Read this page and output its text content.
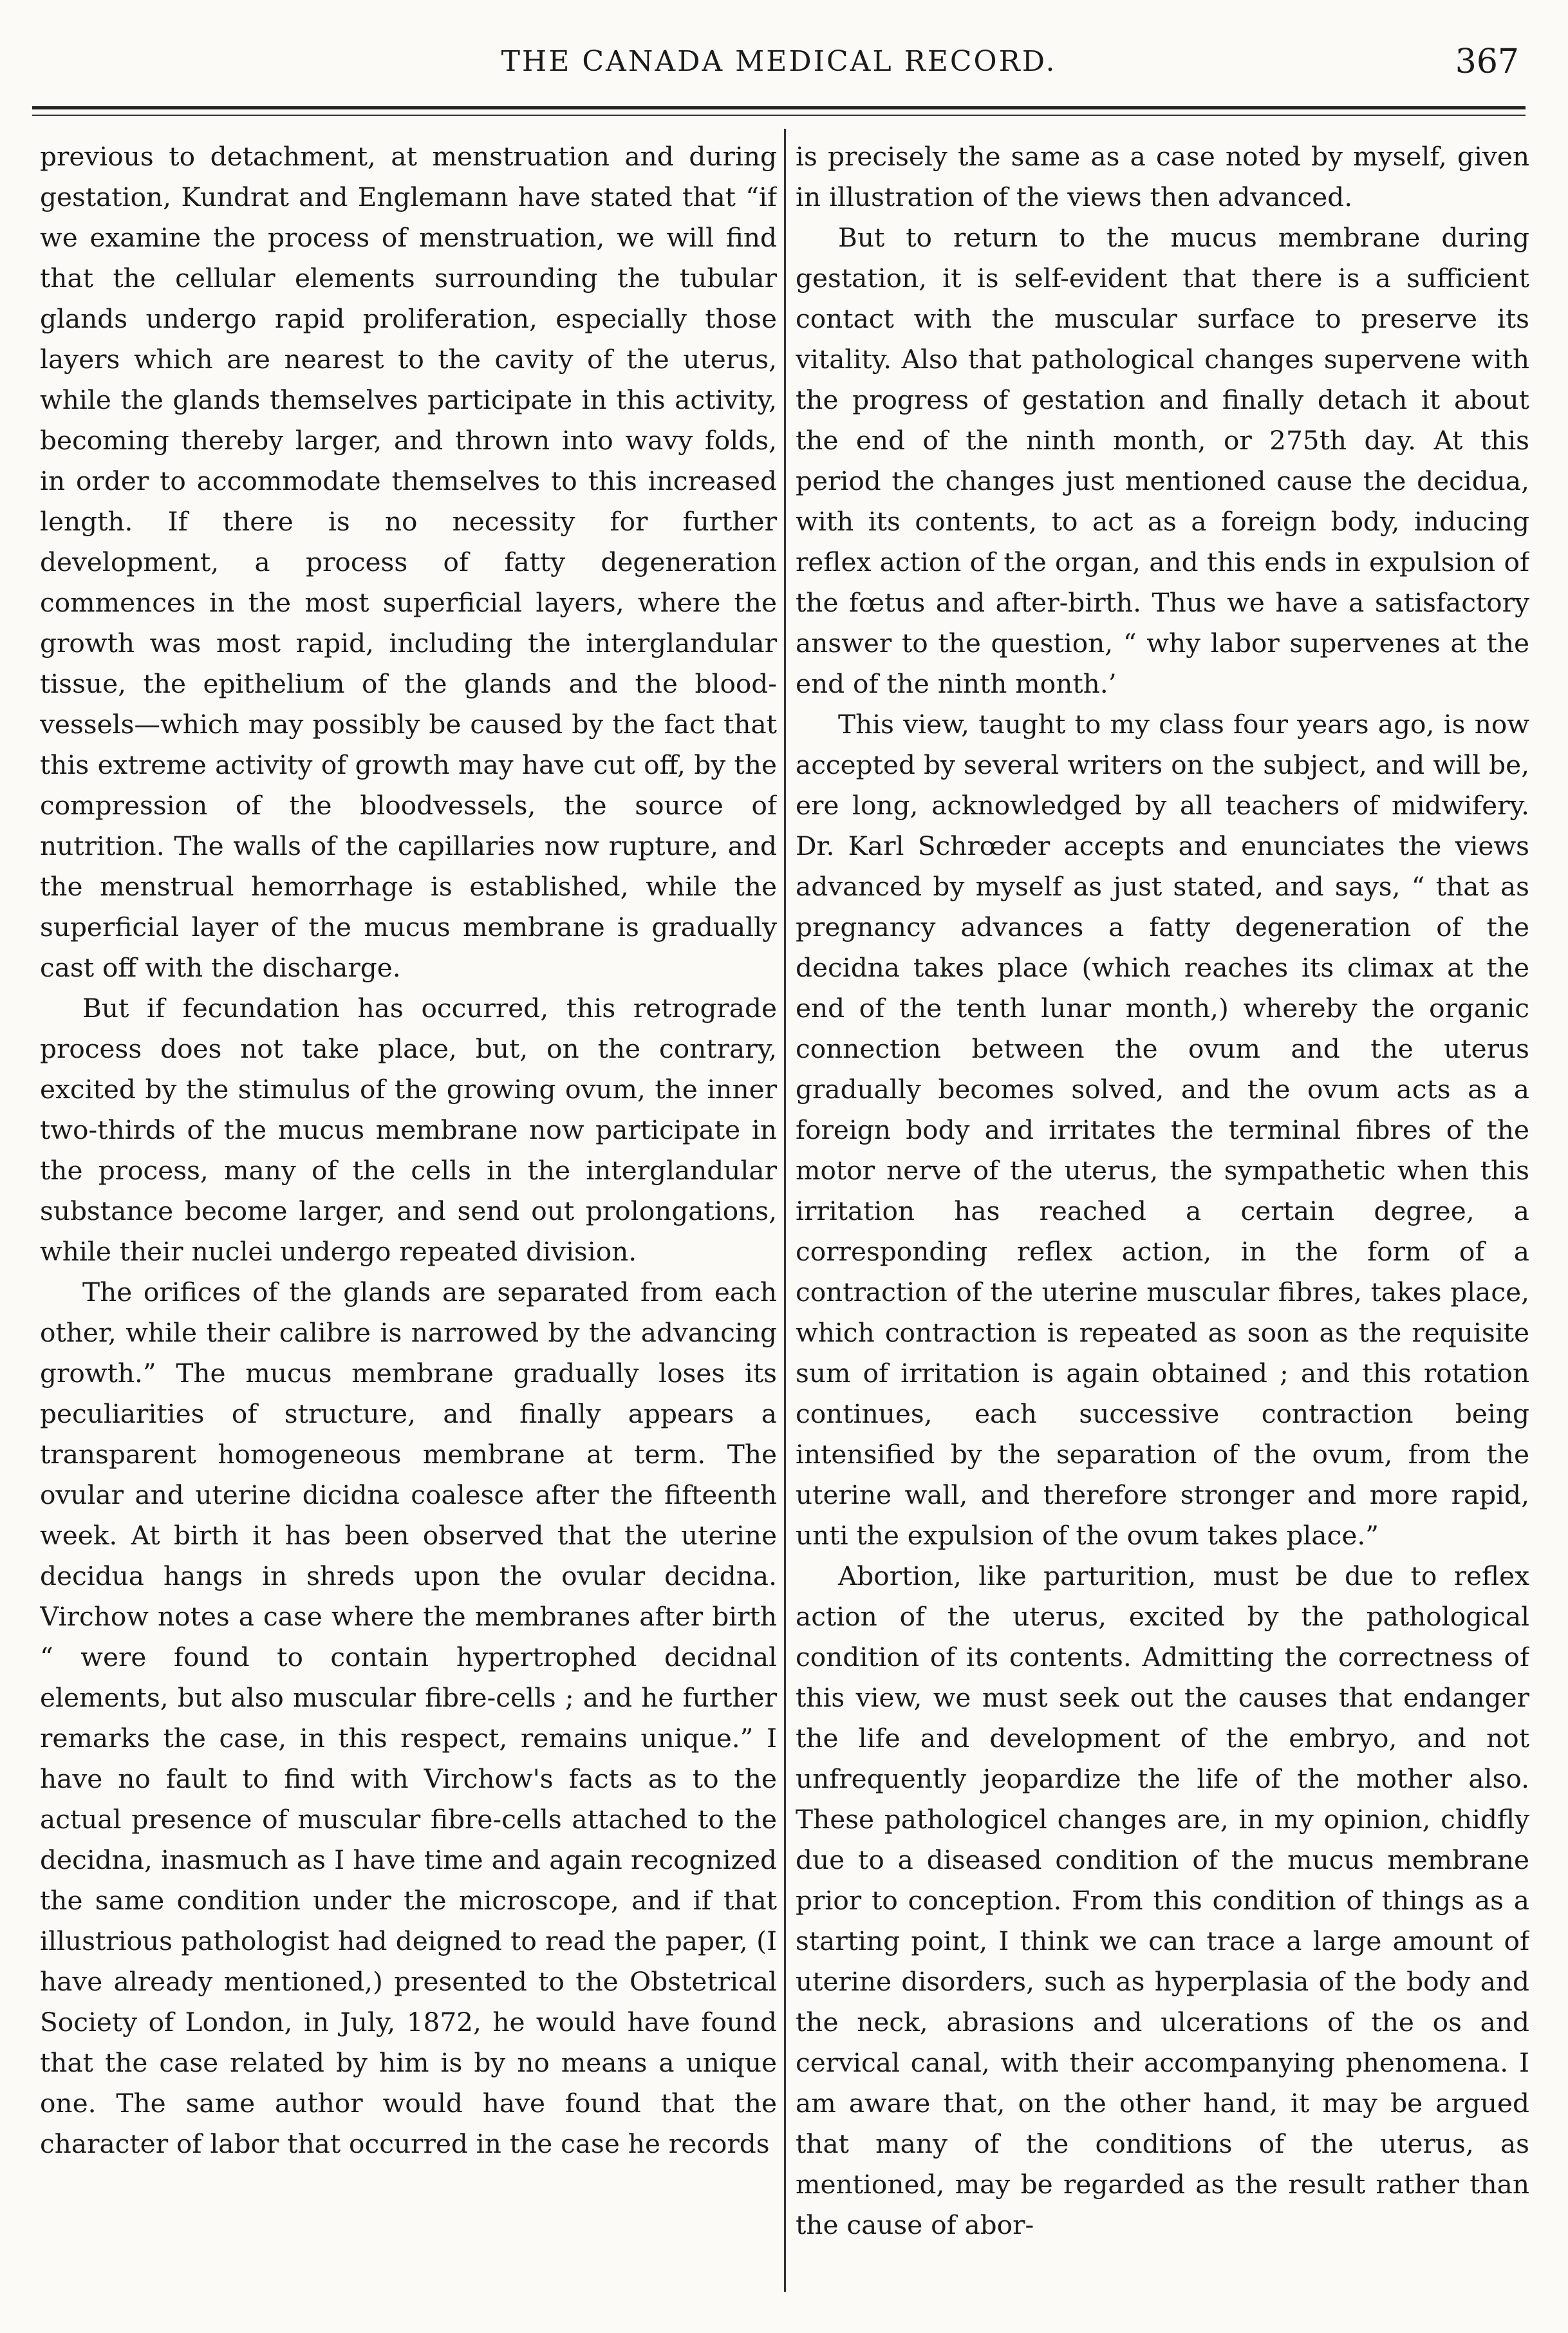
THE CANADA MEDICAL RECORD.	367

previous to detachment, at menstruation and during gestation, Kundrat and Englemann have stated that “if we examine the process of menstruation, we will find that the cellular elements surrounding the tubular glands undergo rapid proliferation, especially those layers which are nearest to the cavity of the uterus, while the glands themselves participate in this activity, becoming thereby larger, and thrown into wavy folds, in order to accommodate themselves to this increased length. If there is no necessity for further development, a process of fatty degeneration commences in the most superficial layers, where the growth was most rapid, including the interglandular tissue, the epithelium of the glands and the blood-vessels—which may possibly be caused by the fact that this extreme activity of growth may have cut off, by the compression of the bloodvessels, the source of nutrition. The walls of the capillaries now rupture, and the menstrual hemorrhage is established, while the superficial layer of the mucus membrane is gradually cast off with the discharge.

But if fecundation has occurred, this retrograde process does not take place, but, on the contrary, excited by the stimulus of the growing ovum, the inner two-thirds of the mucus membrane now participate in the process, many of the cells in the interglandular substance become larger, and send out prolongations, while their nuclei undergo repeated division.

The orifices of the glands are separated from each other, while their calibre is narrowed by the advancing growth.” The mucus membrane gradually loses its peculiarities of structure, and finally appears a transparent homogeneous membrane at term. The ovular and uterine dicidna coalesce after the fifteenth week. At birth it has been observed that the uterine decidua hangs in shreds upon the ovular decidna. Virchow notes a case where the membranes after birth “ were found to contain hypertrophed decidnal elements, but also muscular fibre-cells ; and he further remarks the case, in this respect, remains unique.” I have no fault to find with Virchow's facts as to the actual presence of muscular fibre-cells attached to the decidna, inasmuch as I have time and again recognized the same condition under the microscope, and if that illustrious pathologist had deigned to read the paper, (I have already mentioned,) presented to the Obstetrical Society of London, in July, 1872, he would have found that the case related by him is by no means a unique one. The same author would have found that the character of labor that occurred in the case he records

is precisely the same as a case noted by myself, given in illustration of the views then advanced.

But to return to the mucus membrane during gestation, it is self-evident that there is a sufficient contact with the muscular surface to preserve its vitality. Also that pathological changes supervene with the progress of gestation and finally detach it about the end of the ninth month, or 275th day. At this period the changes just mentioned cause the decidua, with its contents, to act as a foreign body, inducing reflex action of the organ, and this ends in expulsion of the fœtus and after-birth. Thus we have a satisfactory answer to the question, “ why labor supervenes at the end of the ninth month.’

This view, taught to my class four years ago, is now accepted by several writers on the subject, and will be, ere long, acknowledged by all teachers of midwifery. Dr. Karl Schrœder accepts and enunciates the views advanced by myself as just stated, and says, “ that as pregnancy advances a fatty degeneration of the decidna takes place (which reaches its climax at the end of the tenth lunar month,) whereby the organic connection between the ovum and the uterus gradually becomes solved, and the ovum acts as a foreign body and irritates the terminal fibres of the motor nerve of the uterus, the sympathetic when this irritation has reached a certain degree, a corresponding reflex action, in the form of a contraction of the uterine muscular fibres, takes place, which contraction is repeated as soon as the requisite sum of irritation is again obtained ; and this rotation continues, each successive contraction being intensified by the separation of the ovum, from the uterine wall, and therefore stronger and more rapid, unti the expulsion of the ovum takes place.”

Abortion, like parturition, must be due to reflex action of the uterus, excited by the pathological condition of its contents. Admitting the correctness of this view, we must seek out the causes that endanger the life and development of the embryo, and not unfrequently jeopardize the life of the mother also. These pathologicel changes are, in my opinion, chidfly due to a diseased condition of the mucus membrane prior to conception. From this condition of things as a starting point, I think we can trace a large amount of uterine disorders, such as hyperplasia of the body and the neck, abrasions and ulcerations of the os and cervical canal, with their accompanying phenomena. I am aware that, on the other hand, it may be argued that many of the conditions of the uterus, as mentioned, may be regarded as the result rather than the cause of abor-
